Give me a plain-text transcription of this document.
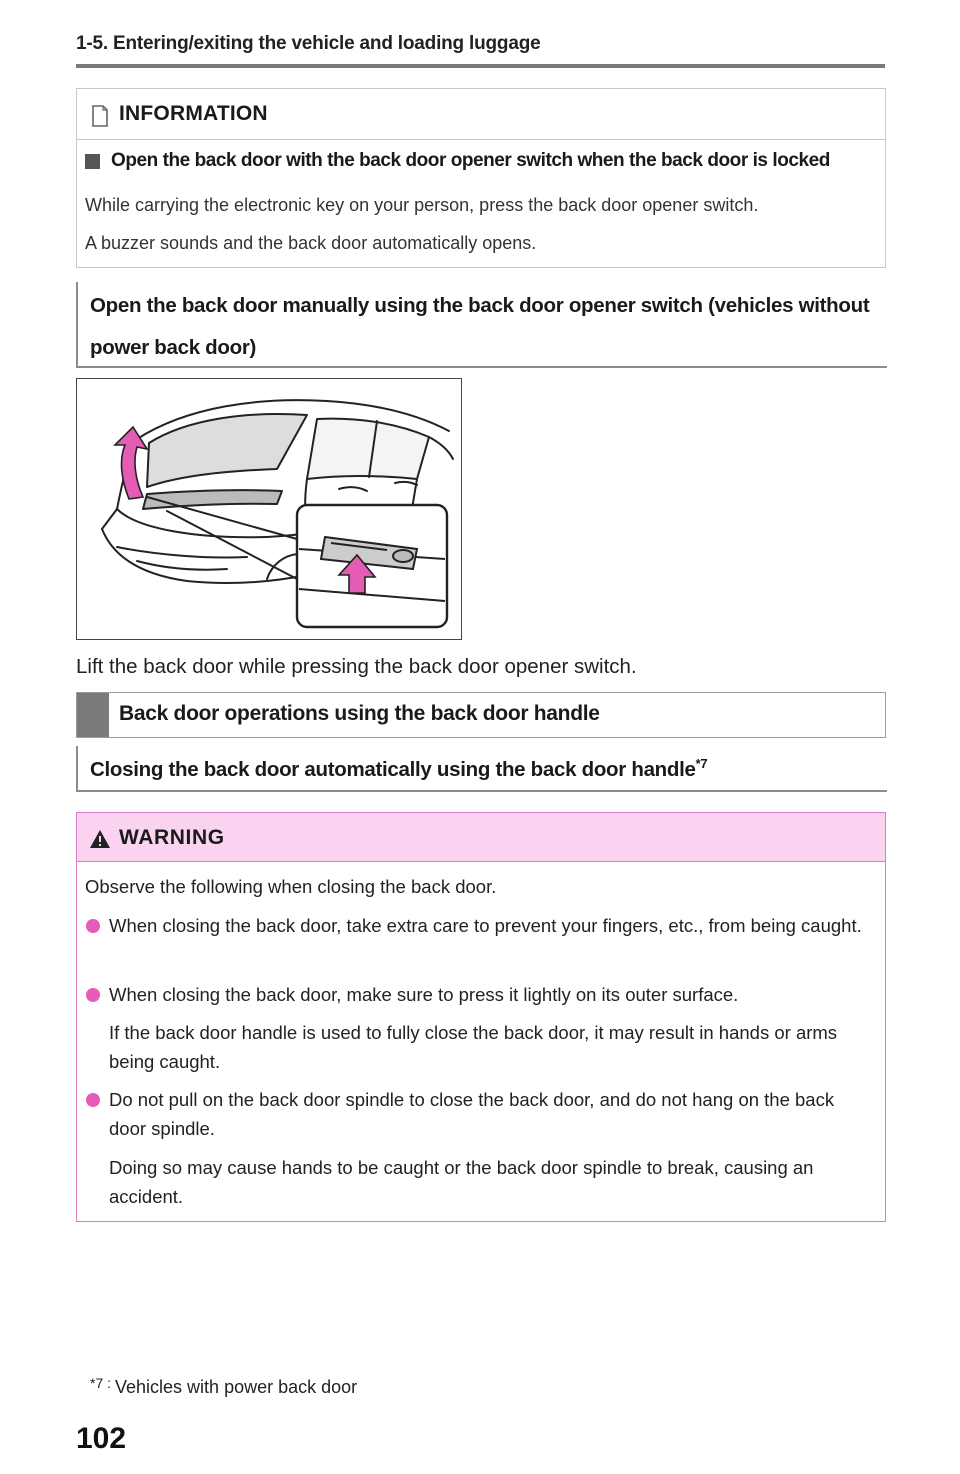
1-5. Entering/exiting the vehicle and loading luggage
INFORMATION
Open the back door with the back door opener switch when the back door is locked
While carrying the electronic key on your person, press the back door opener switch.
A buzzer sounds and the back door automatically opens.
Open the back door manually using the back door opener switch (vehicles without power back door)
Lift the back door while pressing the back door opener switch.
Back door operations using the back door handle
Closing the back door automatically using the back door handle$^{*7}$
WARNING
Observe the following when closing the back door.
When closing the back door, take extra care to prevent your fingers, etc., from being caught.
When closing the back door, make sure to press it lightly on its outer surface.
If the back door handle is used to fully close the back door, it may result in hands or arms being caught.
Do not pull on the back door spindle to close the back door, and do not hang on the back door spindle.
Doing so may cause hands to be caught or the back door spindle to break, causing an accident.
$^{*7 :}$ Vehicles with power back door
102
